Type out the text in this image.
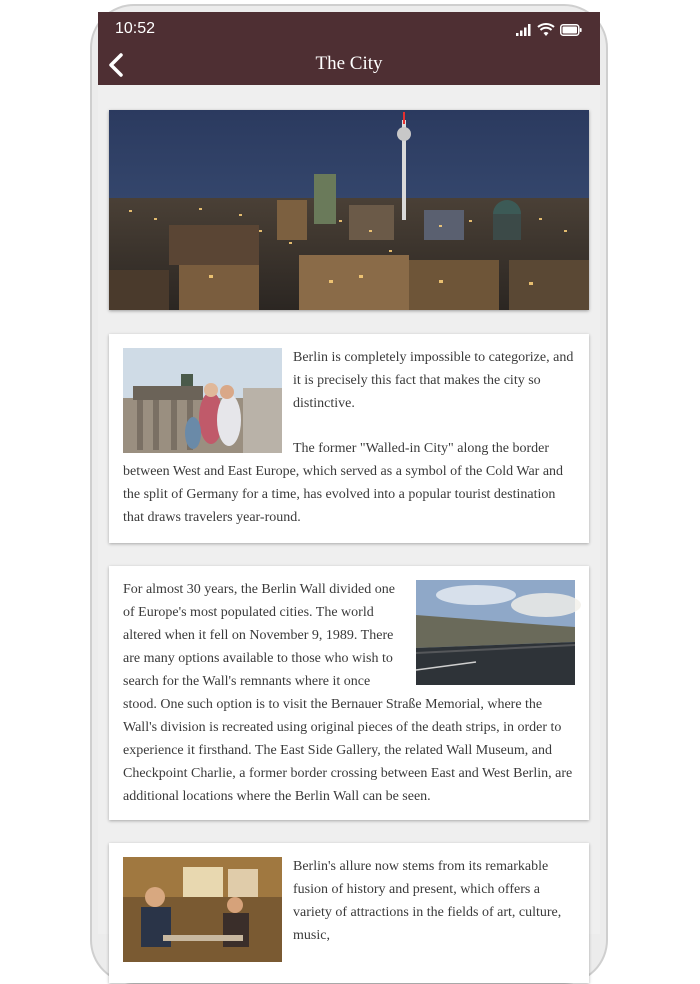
10:52
The City

Berlin is completely impossible to categorize, and it is precisely this fact that makes the city so distinctive.

The former "Walled-in City" along the border between West and East Europe, which served as a symbol of the Cold War and the split of Germany for a time, has evolved into a popular tourist destination that draws travelers year-round.

For almost 30 years, the Berlin Wall divided one of Europe's most populated cities. The world altered when it fell on November 9, 1989. There are many options available to those who wish to search for the Wall's remnants where it once stood. One such option is to visit the Bernauer Straße Memorial, where the Wall's division is recreated using original pieces of the death strips, in order to experience it firsthand. The East Side Gallery, the related Wall Museum, and Checkpoint Charlie, a former border crossing between East and West Berlin, are additional locations where the Berlin Wall can be seen.

Berlin's allure now stems from its remarkable fusion of history and present, which offers a variety of attractions in the fields of art, culture, music,
